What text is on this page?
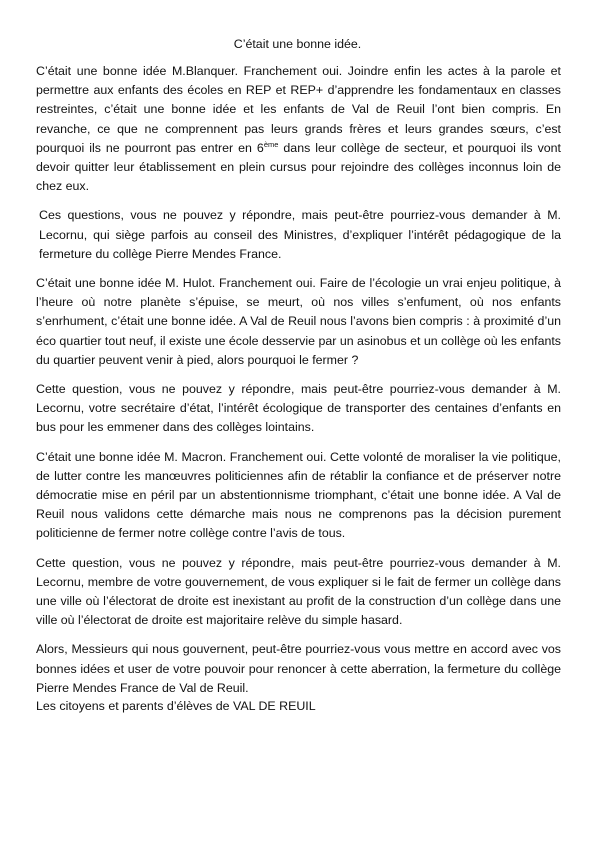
C’était une bonne idée.

C’était une bonne idée M.Blanquer. Franchement oui. Joindre enfin les actes à la parole et permettre aux enfants des écoles en REP et REP+ d’apprendre les fondamentaux en classes restreintes, c’était une bonne idée et les enfants de Val de Reuil l’ont bien compris. En revanche, ce que ne comprennent pas leurs grands frères et leurs grandes sœurs, c’est pourquoi ils ne pourront pas entrer en 6ème dans leur collège de secteur, et pourquoi ils vont devoir quitter leur établissement en plein cursus pour rejoindre des collèges inconnus loin de chez eux.

Ces questions, vous ne pouvez y répondre, mais peut-être pourriez-vous demander à M. Lecornu, qui siège parfois au conseil des Ministres, d’expliquer l’intérêt pédagogique de la fermeture du collège Pierre Mendes France.

C’était une bonne idée M. Hulot. Franchement oui. Faire de l’écologie un vrai enjeu politique, à l’heure où notre planète s’épuise, se meurt, où nos villes s’enfument, où nos enfants s’enrhument, c’était une bonne idée. A Val de Reuil nous l’avons bien compris : à proximité d’un éco quartier tout neuf, il existe une école desservie par un asinobus et un collège où les enfants du quartier peuvent venir à pied, alors pourquoi le fermer ?

Cette question, vous ne pouvez y répondre, mais peut-être pourriez-vous demander à M. Lecornu, votre secrétaire d’état, l’intérêt écologique de transporter des centaines d’enfants en bus pour les emmener dans des collèges lointains.

C’était une bonne idée M. Macron. Franchement oui. Cette volonté de moraliser la vie politique, de lutter contre les manœuvres politiciennes afin de rétablir la confiance et de préserver notre démocratie mise en péril par un abstentionnisme triomphant, c’était une bonne idée. A Val de Reuil nous validons cette démarche mais nous ne comprenons pas la décision purement politicienne de fermer notre collège contre l’avis de tous.

Cette question, vous ne pouvez y répondre, mais peut-être pourriez-vous demander à M. Lecornu, membre de votre gouvernement, de vous expliquer si le fait de fermer un collège dans une ville où l’électorat de droite est inexistant au profit de la construction d’un collège dans une ville où l’électorat de droite est majoritaire relève du simple hasard.

Alors, Messieurs qui nous gouvernent, peut-être pourriez-vous vous mettre en accord avec vos bonnes idées et user de votre pouvoir pour renoncer à cette aberration, la fermeture du collège Pierre Mendes France de Val de Reuil.

Les citoyens et parents d’élèves de VAL DE REUIL
